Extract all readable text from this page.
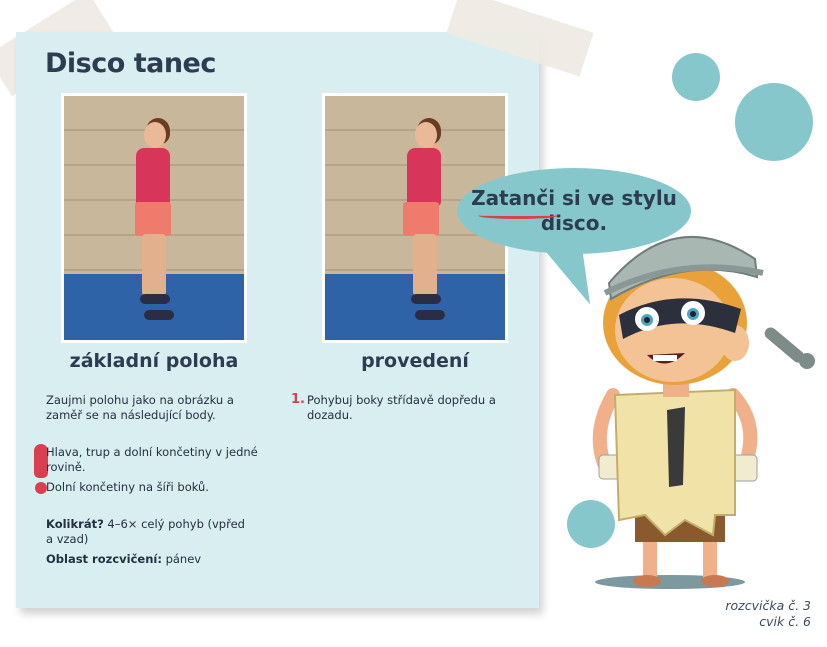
Disco tanec
základní poloha	provedení

Zaujmi polohu jako na obrázku a zaměř se na následující body.

Hlava, trup a dolní končetiny v jedné rovině.

Dolní končetiny na šíři boků.

Kolikrát? 4–6× celý pohyb (vpřed a vzad)

Oblast rozcvičení: pánev

1. Pohybuj boky střídavě dopředu a dozadu.

Zatanči si ve stylu disco.

rozcvička č. 3
cvik č. 6
